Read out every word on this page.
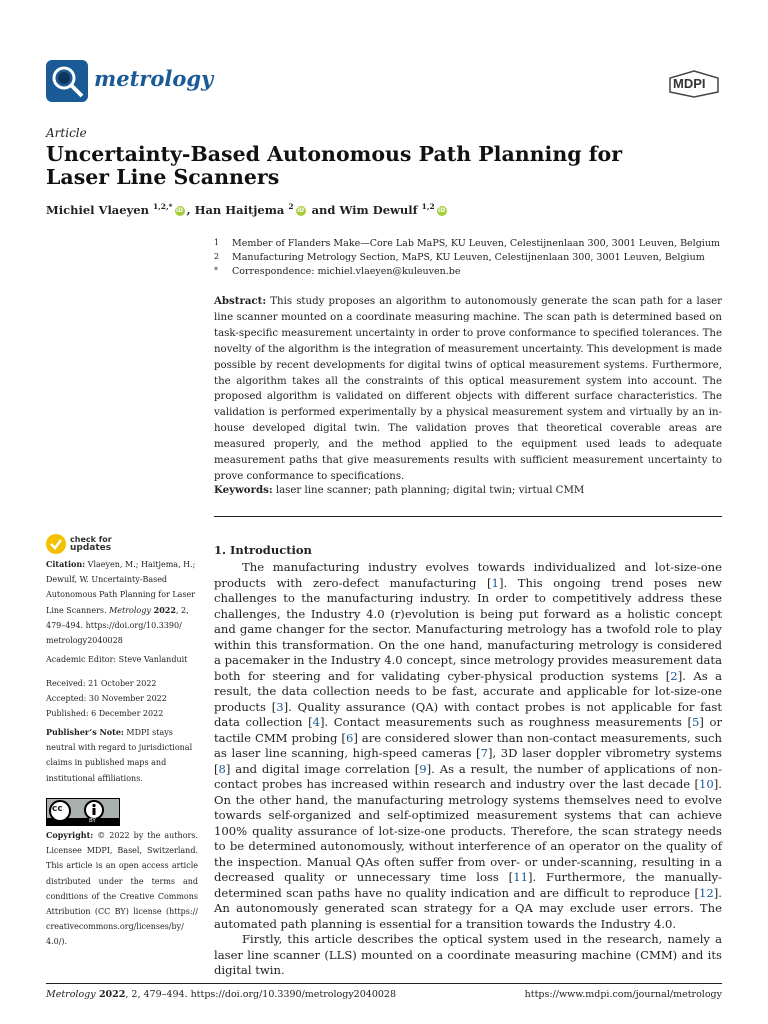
metrology	MDPI
Article
Uncertainty-Based Autonomous Path Planning for Laser Line Scanners
Michiel Vlaeyen $^{1,2,*}$ iD , Han Haitjema $^2$ iD and Wim Dewulf $^{1,2}$ iD
1 Member of Flanders Make—Core Lab MaPS, KU Leuven, Celestijnenlaan 300, 3001 Leuven, Belgium
2 Manufacturing Metrology Section, MaPS, KU Leuven, Celestijnenlaan 300, 3001 Leuven, Belgium
* Correspondence: michiel.vlaeyen@kuleuven.be
Abstract: This study proposes an algorithm to autonomously generate the scan path for a laser line scanner mounted on a coordinate measuring machine. The scan path is determined based on task-specific measurement uncertainty in order to prove conformance to specified tolerances. The novelty of the algorithm is the integration of measurement uncertainty. This development is made possible by recent developments for digital twins of optical measurement systems. Furthermore, the algorithm takes all the constraints of this optical measurement system into account. The proposed algorithm is validated on different objects with different surface characteristics. The validation is performed experimentally by a physical measurement system and virtually by an in-house developed digital twin. The validation proves that theoretical coverable areas are measured properly, and the method applied to the equipment used leads to adequate measurement paths that give measurements results with sufficient measurement uncertainty to prove conformance to specifications.
Keywords: laser line scanner; path planning; digital twin; virtual CMM
check for
updates
Citation: Vlaeyen, M.; Haitjema, H.; Dewulf, W. Uncertainty-Based Autonomous Path Planning for Laser Line Scanners. Metrology 2022, 2, 479–494. https://doi.org/10.3390/ metrology2040028
Academic Editor: Steve Vanlanduit
Received: 21 October 2022
Accepted: 30 November 2022
Published: 6 December 2022
Publisher’s Note: MDPI stays neutral with regard to jurisdictional claims in published maps and institutional affiliations.
cc
BY
Copyright: © 2022 by the authors. Licensee MDPI, Basel, Switzerland. This article is an open access article distributed under the terms and conditions of the Creative Commons Attribution (CC BY) license (https:// creativecommons.org/licenses/by/ 4.0/).
1. Introduction

The manufacturing industry evolves towards individualized and lot-size-one products with zero-defect manufacturing [1]. This ongoing trend poses new challenges to the manufacturing industry. In order to competitively address these challenges, the Industry 4.0 (r)evolution is being put forward as a holistic concept and game changer for the sector. Manufacturing metrology has a twofold role to play within this transformation. On the one hand, manufacturing metrology is considered a pacemaker in the Industry 4.0 concept, since metrology provides measurement data both for steering and for validating cyber-physical production systems [2]. As a result, the data collection needs to be fast, accurate and applicable for lot-size-one products [3]. Quality assurance (QA) with contact probes is not applicable for fast data collection [4]. Contact measurements such as roughness measurements [5] or tactile CMM probing [6] are considered slower than non-contact measurements, such as laser line scanning, high-speed cameras [7], 3D laser doppler vibrometry systems [8] and digital image correlation [9]. As a result, the number of applications of non-contact probes has increased within research and industry over the last decade [10]. On the other hand, the manufacturing metrology systems themselves need to evolve towards self-organized and self-optimized measurement systems that can achieve 100% quality assurance of lot-size-one products. Therefore, the scan strategy needs to be determined autonomously, without interference of an operator on the quality of the inspection. Manual QAs often suffer from over- or under-scanning, resulting in a decreased quality or unnecessary time loss [11]. Furthermore, the manually-determined scan paths have no quality indication and are difficult to reproduce [12]. An autonomously generated scan strategy for a QA may exclude user errors. The automated path planning is essential for a transition towards the Industry 4.0.

Firstly, this article describes the optical system used in the research, namely a laser line scanner (LLS) mounted on a coordinate measuring machine (CMM) and its digital twin.

Metrology 2022, 2, 479–494. https://doi.org/10.3390/metrology2040028	https://www.mdpi.com/journal/metrology
